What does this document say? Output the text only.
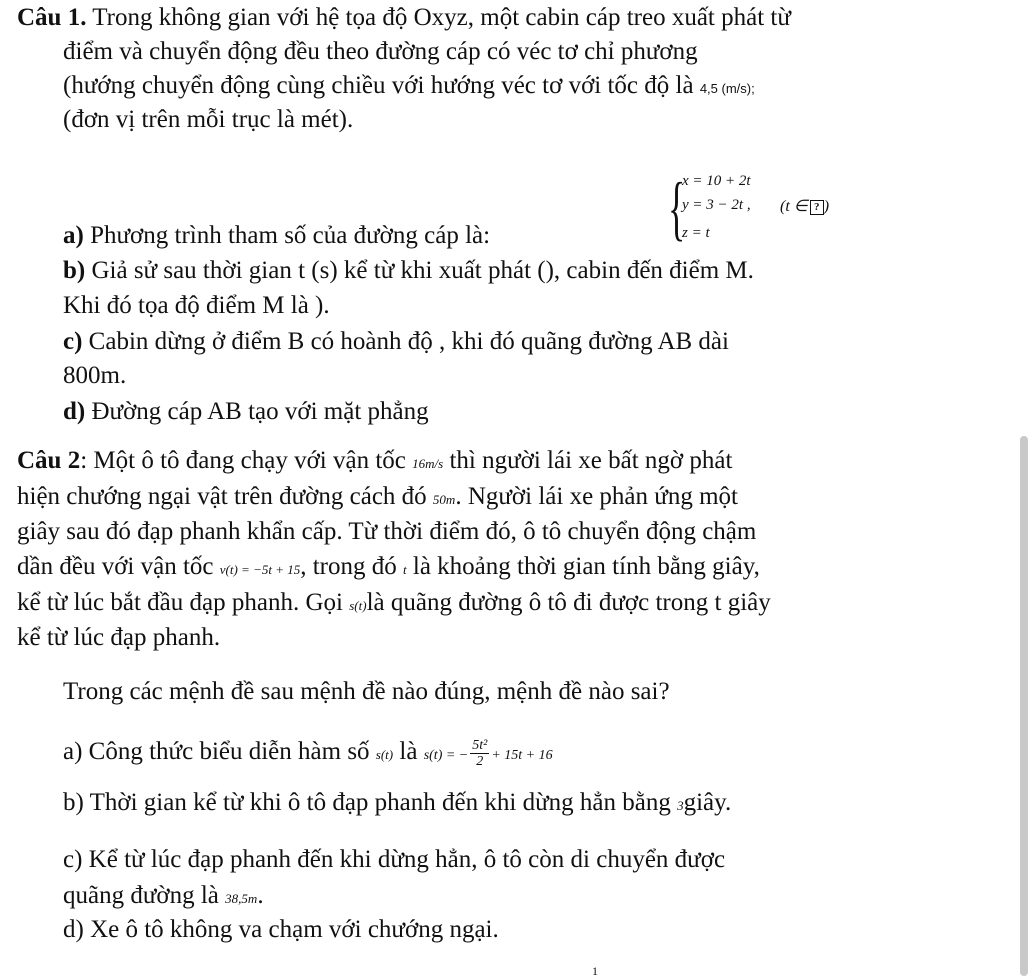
Câu 1. Trong không gian với hệ tọa độ Oxyz, một cabin cáp treo xuất phát từ
điểm và chuyển động đều theo đường cáp có véc tơ chỉ phương
(hướng chuyển động cùng chiều với hướng véc tơ với tốc độ là 4,5 (m/s);
(đơn vị trên mỗi trục là mét).
a) Phương trình tham số của đường cáp là: {
x = 10 + 2t
y = 3 − 2t ,
z = t
(t ∈ ? )
b) Giả sử sau thời gian t (s) kể từ khi xuất phát (), cabin đến điểm M.
Khi đó tọa độ điểm M là ).
c) Cabin dừng ở điểm B có hoành độ , khi đó quãng đường AB dài
800m.
d) Đường cáp AB tạo với mặt phẳng
Câu 2: Một ô tô đang chạy với vận tốc 16m/s thì người lái xe bất ngờ phát
hiện chướng ngại vật trên đường cách đó 50m. Người lái xe phản ứng một
giây sau đó đạp phanh khẩn cấp. Từ thời điểm đó, ô tô chuyển động chậm
dần đều với vận tốc v(t) = −5t + 15, trong đó t là khoảng thời gian tính bằng giây,
kể từ lúc bắt đầu đạp phanh. Gọi s(t)là quãng đường ô tô đi được trong t giây
kể từ lúc đạp phanh.
Trong các mệnh đề sau mệnh đề nào đúng, mệnh đề nào sai?
a) Công thức biểu diễn hàm số s(t) là s(t) = − $\frac{\text{5t²}}{2} + 15t + 16$
b) Thời gian kể từ khi ô tô đạp phanh đến khi dừng hẳn bằng 3giây.
c) Kể từ lúc đạp phanh đến khi dừng hẳn, ô tô còn di chuyển được
quãng đường là 38,5m.
d) Xe ô tô không va chạm với chướng ngại.
1
